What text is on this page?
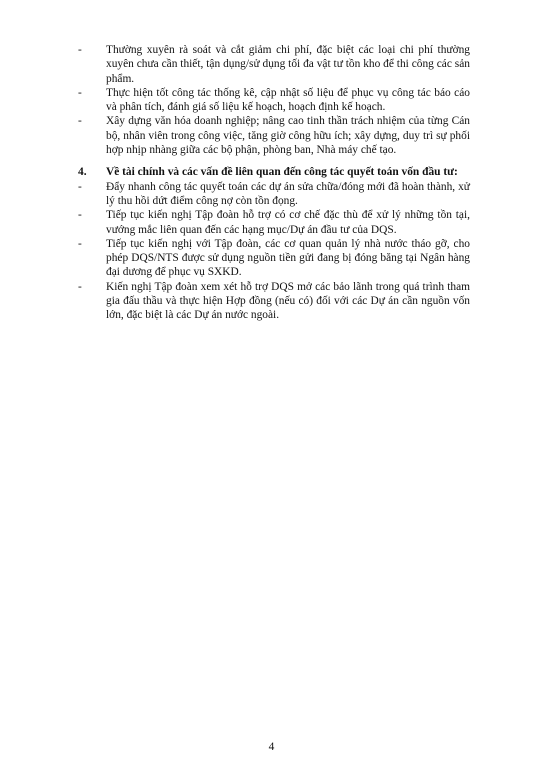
-	Thường xuyên rà soát và cắt giảm chi phí, đặc biệt các loại chi phí thường xuyên chưa cần thiết, tận dụng/sử dụng tối đa vật tư tồn kho để thi công các sản phẩm.
-	Thực hiện tốt công tác thống kê, cập nhật số liệu để phục vụ công tác báo cáo và phân tích, đánh giá số liệu kế hoạch, hoạch định kế hoạch.
-	Xây dựng văn hóa doanh nghiệp; nâng cao tinh thần trách nhiệm của từng Cán bộ, nhân viên trong công việc, tăng giờ công hữu ích; xây dựng, duy trì sự phối hợp nhịp nhàng giữa các bộ phận, phòng ban, Nhà máy chế tạo.
4.	Về tài chính và các vấn đề liên quan đến công tác quyết toán vốn đầu tư:
-	Đẩy nhanh công tác quyết toán các dự án sửa chữa/đóng mới đã hoàn thành, xử lý thu hồi dứt điểm công nợ còn tồn đọng.
-	Tiếp tục kiến nghị Tập đoàn hỗ trợ có cơ chế đặc thù để xử lý những tồn tại, vướng mắc liên quan đến các hạng mục/Dự án đầu tư của DQS.
-	Tiếp tục kiến nghị với Tập đoàn, các cơ quan quản lý nhà nước tháo gỡ, cho phép DQS/NTS được sử dụng nguồn tiền gửi đang bị đóng băng tại Ngân hàng đại dương để phục vụ SXKD.
-	Kiến nghị Tập đoàn xem xét hỗ trợ DQS mở các bảo lãnh trong quá trình tham gia đấu thầu và thực hiện Hợp đồng (nếu có) đối với các Dự án cần nguồn vốn lớn, đặc biệt là các Dự án nước ngoài.
4
